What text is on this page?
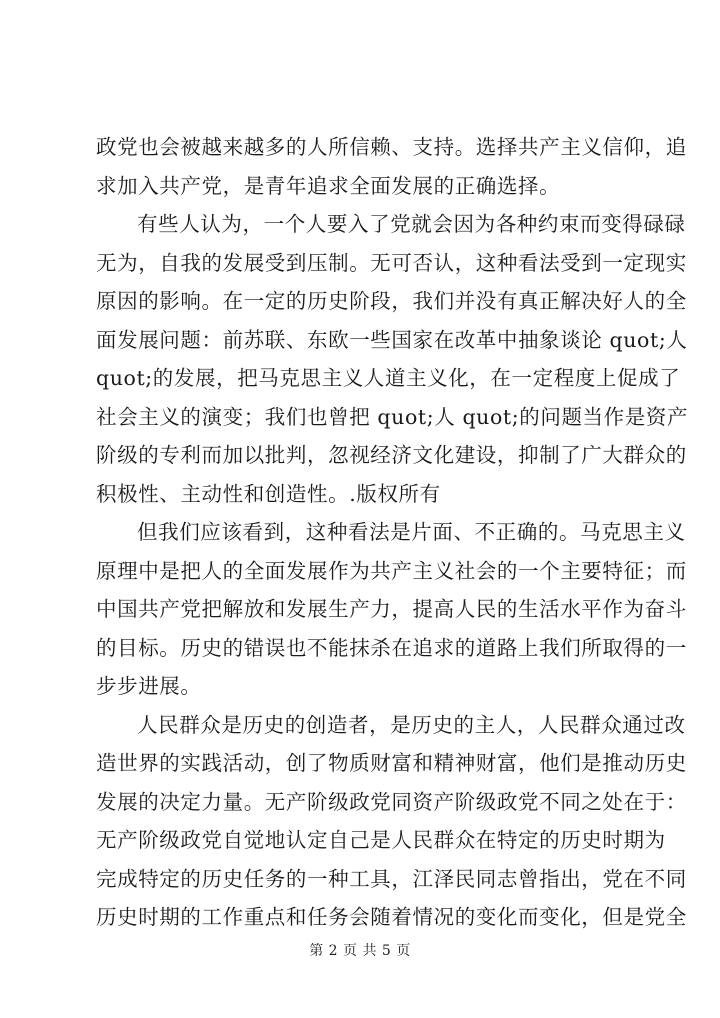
政党也会被越来越多的人所信赖、支持。选择共产主义信仰，追
求加入共产党，是青年追求全面发展的正确选择。
有些人认为，一个人要入了党就会因为各种约束而变得碌碌
无为，自我的发展受到压制。无可否认，这种看法受到一定现实
原因的影响。在一定的历史阶段，我们并没有真正解决好人的全
面发展问题：前苏联、东欧一些国家在改革中抽象谈论 quot;人
quot;的发展，把马克思主义人道主义化，在一定程度上促成了
社会主义的演变；我们也曾把 quot;人 quot;的问题当作是资产
阶级的专利而加以批判，忽视经济文化建设，抑制了广大群众的
积极性、主动性和创造性。.版权所有
但我们应该看到，这种看法是片面、不正确的。马克思主义
原理中是把人的全面发展作为共产主义社会的一个主要特征；而
中国共产党把解放和发展生产力，提高人民的生活水平作为奋斗
的目标。历史的错误也不能抹杀在追求的道路上我们所取得的一
步步进展。
人民群众是历史的创造者，是历史的主人，人民群众通过改
造世界的实践活动，创了物质财富和精神财富，他们是推动历史
发展的决定力量。无产阶级政党同资产阶级政党不同之处在于：
无产阶级政党自觉地认定自己是人民群众在特定的历史时期为
完成特定的历史任务的一种工具，江泽民同志曾指出，党在不同
历史时期的工作重点和任务会随着情况的变化而变化，但是党全
第 2 页 共 5 页
